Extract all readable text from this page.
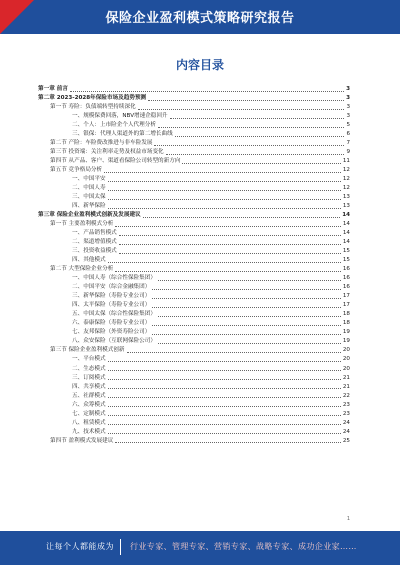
保险企业盈利模式策略研究报告
内容目录
第一章 前言	3
第二章 2023-2028年保险市场及趋势预测	3
第一节 寿险：负债端转型持续深化	3
一、规模保费回落，NBV增速企稳回升	3
二、个人：上市险企个人代理分析	5
三、银保：代理人渠道外的第二增长曲线	6
第二节 产险：车险费改推进与非车险发展	7
第三节 投资端：关注利率走势及权益市场变化	9
第四节 从产品、客户、渠道看保险公司转型的新方向	11
第五节 竞争格局分析	12
一、中国平安	12
二、中国人寿	12
三、中国太保	13
四、新华保险	13
第三章 保险企业盈利模式创新及发展建议	14
第一节 主要盈利模式分析	14
一、产品销售模式	14
二、渠道增值模式	14
三、投资收益模式	15
四、其他模式	15
第二节 大型保险企业分析	16
一、中国人寿（综合性保险集团）	16
二、中国平安（综合金融集团）	16
三、新华保险（寿险专业公司）	17
四、太平保险（寿险专业公司）	17
五、中国太保（综合性保险集团）	18
六、泰康保险（寿险专业公司）	18
七、友邦保险（外资寿险公司）	19
八、众安保险（互联网保险公司）	19
第三节 保险企业盈利模式创新	20
一、平台模式	20
二、生态模式	20
三、订阅模式	21
四、共享模式	21
五、社群模式	22
六、众筹模式	23
七、定制模式	23
八、租赁模式	24
九、技术模式	24
第四节 盈利模式发展建议	25
1
让每个人都能成为 行业专家、管理专家、营销专家、战略专家、成功企业家……
